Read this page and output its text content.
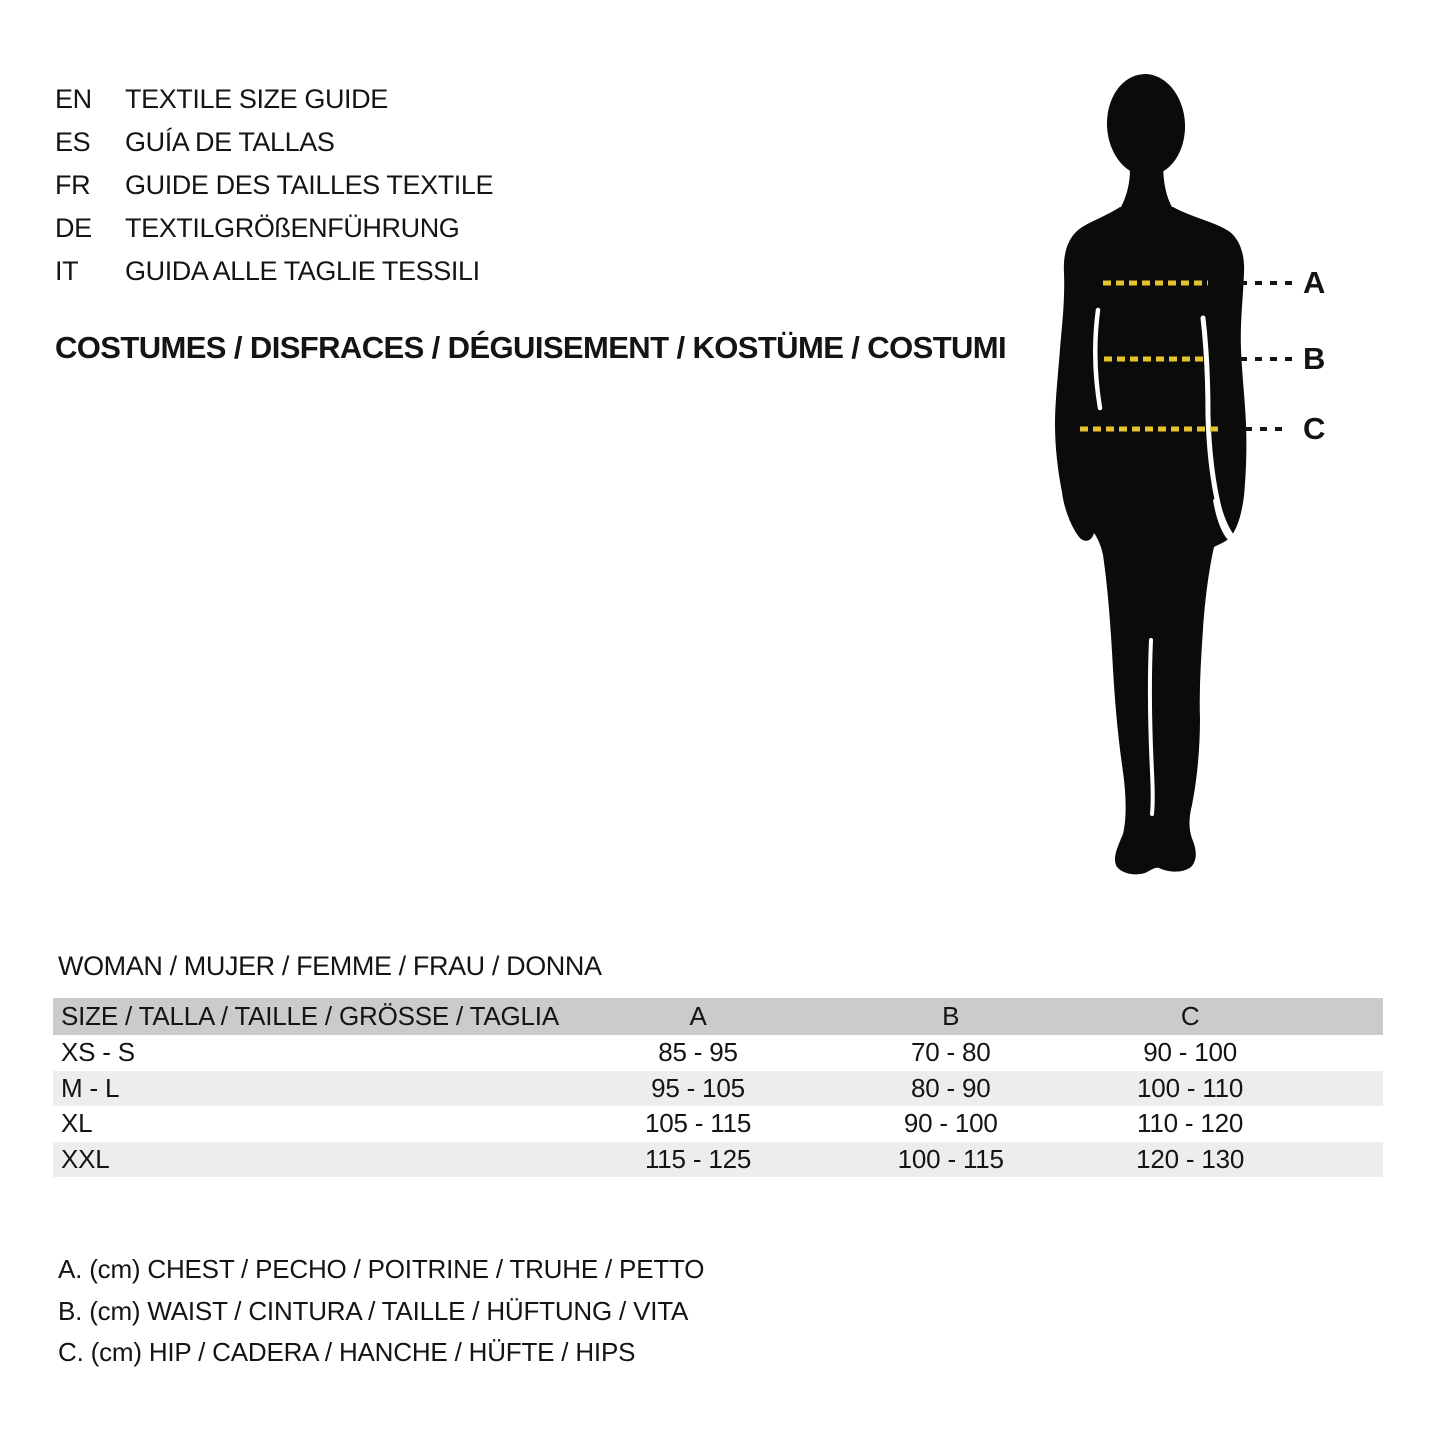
EN	TEXTILE SIZE GUIDE
ES	GUÍA DE TALLAS
FR	GUIDE DES TAILLES TEXTILE
DE	TEXTILGRÖßENFÜHRUNG
IT	GUIDA ALLE TAGLIE TESSILI
COSTUMES / DISFRACES / DÉGUISEMENT / KOSTÜME / COSTUMI
A
B
C
WOMAN / MUJER / FEMME / FRAU / DONNA
SIZE / TALLA / TAILLE / GRÖSSE / TAGLIA	A	B	C	
XS - S	85 - 95	70 - 80	90 - 100	
M - L	95 - 105	80 - 90	100 - 110	
XL	105 - 115	90 - 100	110 - 120	
XXL	115 - 125	100 - 115	120 - 130	
A. (cm) CHEST / PECHO / POITRINE / TRUHE / PETTO
B. (cm) WAIST / CINTURA / TAILLE / HÜFTUNG / VITA
C. (cm) HIP / CADERA / HANCHE / HÜFTE / HIPS
